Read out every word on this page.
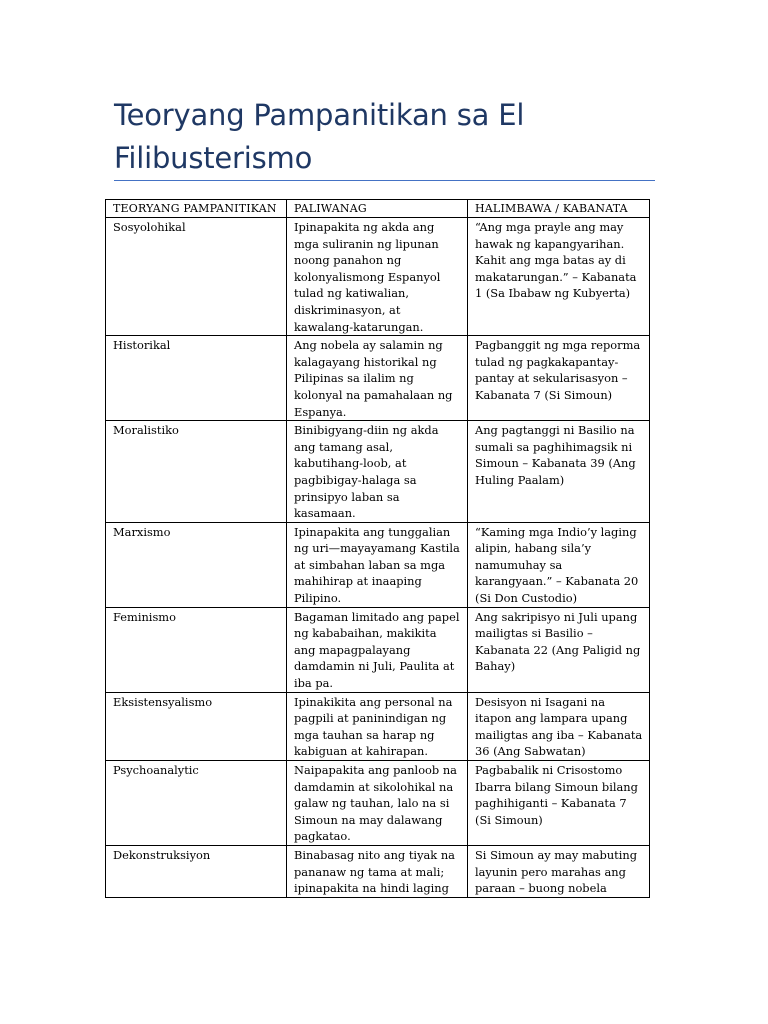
Teoryang Pampanitikan sa El Filibusterismo
TEORYANG PAMPANITIKAN	PALIWANAG	HALIMBAWA / KABANATA
Sosyolohikal	Ipinapakita ng akda ang mga suliranin ng lipunan noong panahon ng kolonyalismong Espanyol tulad ng katiwalian, diskriminasyon, at kawalang-katarungan.	“Ang mga prayle ang may hawak ng kapangyarihan. Kahit ang mga batas ay di makatarungan.” – Kabanata 1 (Sa Ibabaw ng Kubyerta)
Historikal	Ang nobela ay salamin ng kalagayang historikal ng Pilipinas sa ilalim ng kolonyal na pamahalaan ng Espanya.	Pagbanggit ng mga reporma tulad ng pagkakapantay-pantay at sekularisasyon – Kabanata 7 (Si Simoun)
Moralistiko	Binibigyang-diin ng akda ang tamang asal, kabutihang-loob, at pagbibigay-halaga sa prinsipyo laban sa kasamaan.	Ang pagtanggi ni Basilio na sumali sa paghihimagsik ni Simoun – Kabanata 39 (Ang Huling Paalam)
Marxismo	Ipinapakita ang tunggalian ng uri—mayayamang Kastila at simbahan laban sa mga mahihirap at inaaping Pilipino.	“Kaming mga Indio’y laging alipin, habang sila’y namumuhay sa karangyaan.” – Kabanata 20 (Si Don Custodio)
Feminismo	Bagaman limitado ang papel ng kababaihan, makikita ang mapagpalayang damdamin ni Juli, Paulita at iba pa.	Ang sakripisyo ni Juli upang mailigtas si Basilio – Kabanata 22 (Ang Paligid ng Bahay)
Eksistensyalismo	Ipinakikita ang personal na pagpili at paninindigan ng mga tauhan sa harap ng kabiguan at kahirapan.	Desisyon ni Isagani na itapon ang lampara upang mailigtas ang iba – Kabanata 36 (Ang Sabwatan)
Psychoanalytic	Naipapakita ang panloob na damdamin at sikolohikal na galaw ng tauhan, lalo na si Simoun na may dalawang pagkatao.	Pagbabalik ni Crisostomo Ibarra bilang Simoun bilang paghihiganti – Kabanata 7 (Si Simoun)
Dekonstruksiyon	Binabasag nito ang tiyak na pananaw ng tama at mali; ipinapakita na hindi laging	Si Simoun ay may mabuting layunin pero marahas ang paraan – buong nobela
